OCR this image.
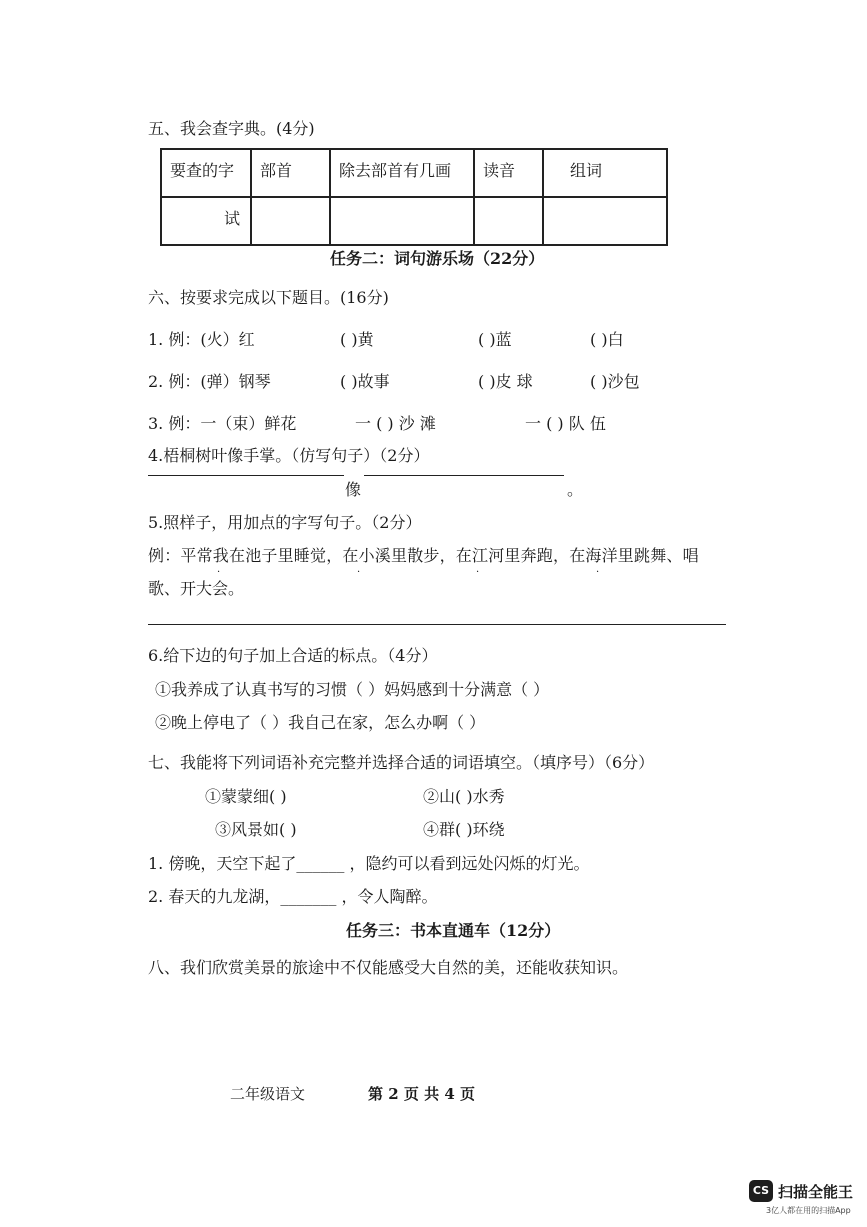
五、我会查字典。(4分)
要查的字	部首	除去部首有几画	读音	组词
试				
任务二：词句游乐场（22分）
六、按要求完成以下题目。(16分)
1. 例：(火）红	( )黄	( )蓝	( )白
2. 例：(弹）钢琴	( )故事	( )皮 球	( )沙包
3. 例：一（束）鲜花	一 ( ) 沙 滩	一 ( ) 队 伍
4.梧桐树叶像手掌。（仿写句子）（2分）
像	。
5.照样子，用加点的字写句子。（2分）
例：平常我在池子里睡觉，在小溪里散步，在江河里奔跑，在海洋里跳舞、唱
·	·	·	·
歌、开大会。
6.给下边的句子加上合适的标点。（4分）
①我养成了认真书写的习惯（ ）妈妈感到十分满意（ ）
②晚上停电了（ ）我自己在家，怎么办啊（ ）
七、我能将下列词语补充完整并选择合适的词语填空。（填序号）（6分）
①蒙蒙细( )	②山( )水秀
③风景如( )	④群( )环绕
1. 傍晚，天空下起了______ ，隐约可以看到远处闪烁的灯光。
2. 春天的九龙湖，_______ ，令人陶醉。
任务三：书本直通车（12分）
八、我们欣赏美景的旅途中不仅能感受大自然的美，还能收获知识。
二年级语文	第 2 页 共 4 页
CS 扫描全能王
3亿人都在用的扫描App
